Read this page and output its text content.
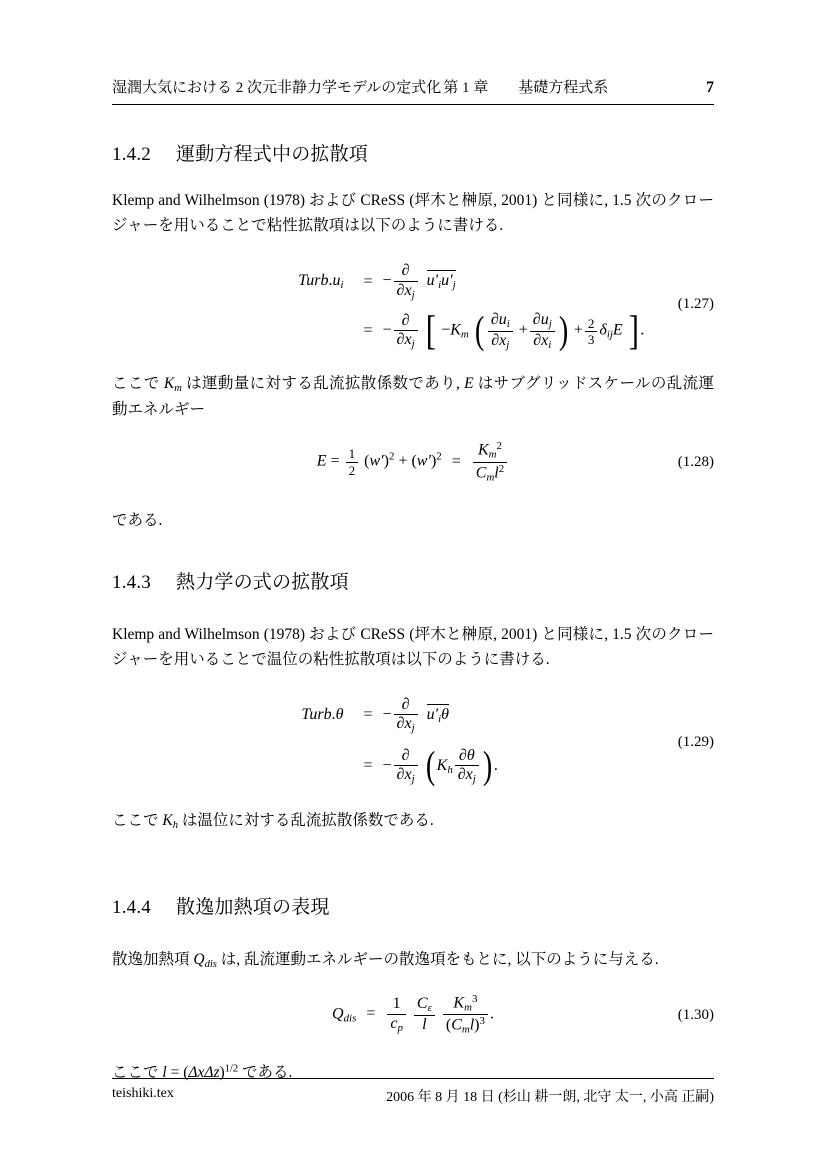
湿潤大気における 2 次元非静力学モデルの定式化 第 1 章　　基礎方程式系	7
1.4.2 運動方程式中の拡散項

Klemp and Wilhelmson (1978) および CReSS (坪木と榊原, 2001) と同様に, 1.5 次のクロージャーを用いることで粘性拡散項は以下のように書ける.

$Turb.u_i$	= − $\frac{\partial}{\partial x_j} u'_iu'_j$
= − $\frac{\partial}{\partial x_j}$ [ $-K_m$ ( $\frac{\partial u_i}{\partial x_j} + \frac{\partial u_j}{\partial x_i}$ ) + $\frac{2}{3} \delta_{ij}E$ ] .
(1.27)

ここで $K_m$ は運動量に対する乱流拡散係数であり, E はサブグリッドスケールの乱流運動エネルギー

$E = \frac{1}{2} (w')^2 + (w')^2 = \frac{K_m^2}{C_ml^2}$	(1.28)

である.

1.4.3 熱力学の式の拡散項

Klemp and Wilhelmson (1978) および CReSS (坪木と榊原, 2001) と同様に, 1.5 次のクロージャーを用いることで温位の粘性拡散項は以下のように書ける.

Turb.θ	= − $\frac{\partial}{\partial x_j} u'_i\theta$
= − $\frac{\partial}{\partial x_j}$ ( $K_h \frac{\partial\theta}{\partial x_j}$ ) .
(1.29)

ここで $K_h$ は温位に対する乱流拡散係数である.

1.4.4 散逸加熱項の表現

散逸加熱項 $Q_{dis}$ は, 乱流運動エネルギーの散逸項をもとに, 以下のように与える.

$Q_{dis} = \frac{1}{c_p}$
$\frac{C_\varepsilon}{l}$
$\frac{K_m^3}{(C_ml)^3}$ .	(1.30)

ここで $l = (\Delta x\Delta z)^{1/2}$ である.

teishiki.tex	2006 年 8 月 18 日 (杉山 耕一朗, 北守 太一, 小高 正嗣)
